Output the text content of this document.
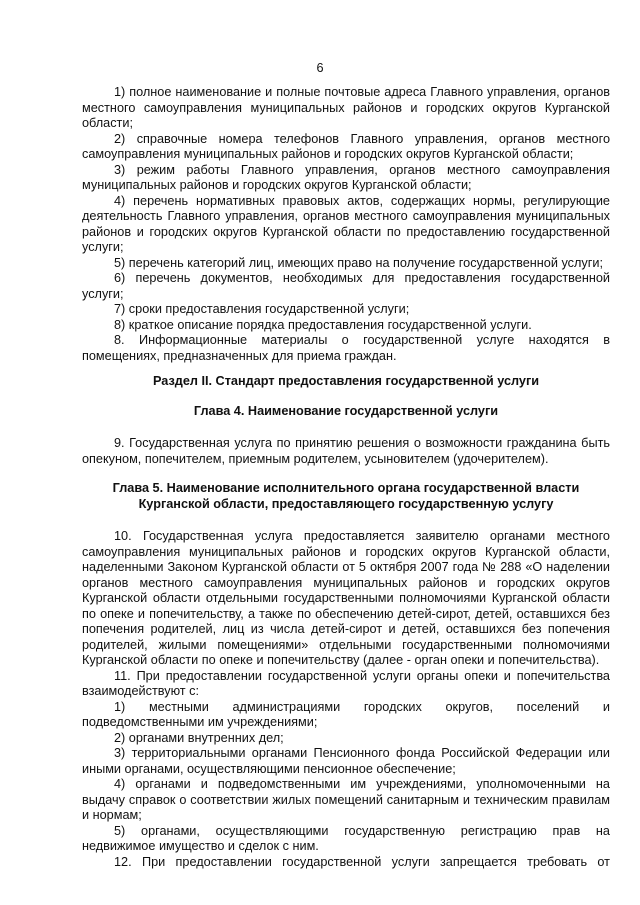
6

1) полное наименование и полные почтовые адреса Главного управления, органов местного самоуправления муниципальных районов и городских округов Курганской области;

2) справочные номера телефонов Главного управления, органов местного самоуправления муниципальных районов и городских округов Курганской области;

3) режим работы Главного управления, органов местного самоуправления муниципальных районов и городских округов Курганской области;

4) перечень нормативных правовых актов, содержащих нормы, регулирующие деятельность Главного управления, органов местного самоуправления муниципальных районов и городских округов Курганской области по предоставлению государственной услуги;

5) перечень категорий лиц, имеющих право на получение государственной услуги;

6) перечень документов, необходимых для предоставления государственной услуги;

7) сроки предоставления государственной услуги;

8) краткое описание порядка предоставления государственной услуги.

8. Информационные материалы о государственной услуге находятся в помещениях, предназначенных для приема граждан.

Раздел II. Стандарт предоставления государственной услуги

Глава 4. Наименование государственной услуги

9. Государственная услуга по принятию решения о возможности гражданина быть опекуном, попечителем, приемным родителем, усыновителем (удочерителем).

Глава 5. Наименование исполнительного органа государственной власти Курганской области, предоставляющего государственную услугу

10. Государственная услуга предоставляется заявителю органами местного самоуправления муниципальных районов и городских округов Курганской области, наделенными Законом Курганской области от 5 октября 2007 года № 288 «О наделении органов местного самоуправления муниципальных районов и городских округов Курганской области отдельными государственными полномочиями Курганской области по опеке и попечительству, а также по обеспечению детей-сирот, детей, оставшихся без попечения родителей, лиц из числа детей-сирот и детей, оставшихся без попечения родителей, жилыми помещениями» отдельными государственными полномочиями Курганской области по опеке и попечительству (далее - орган опеки и попечительства).

11. При предоставлении государственной услуги органы опеки и попечительства взаимодействуют с:

1) местными администрациями городских округов, поселений и подведомственными им учреждениями;

2) органами внутренних дел;

3) территориальными органами Пенсионного фонда Российской Федерации или иными органами, осуществляющими пенсионное обеспечение;

4) органами и подведомственными им учреждениями, уполномоченными на выдачу справок о соответствии жилых помещений санитарным и техническим правилам и нормам;

5) органами, осуществляющими государственную регистрацию прав на недвижимое имущество и сделок с ним.

12. При предоставлении государственной услуги запрещается требовать от
